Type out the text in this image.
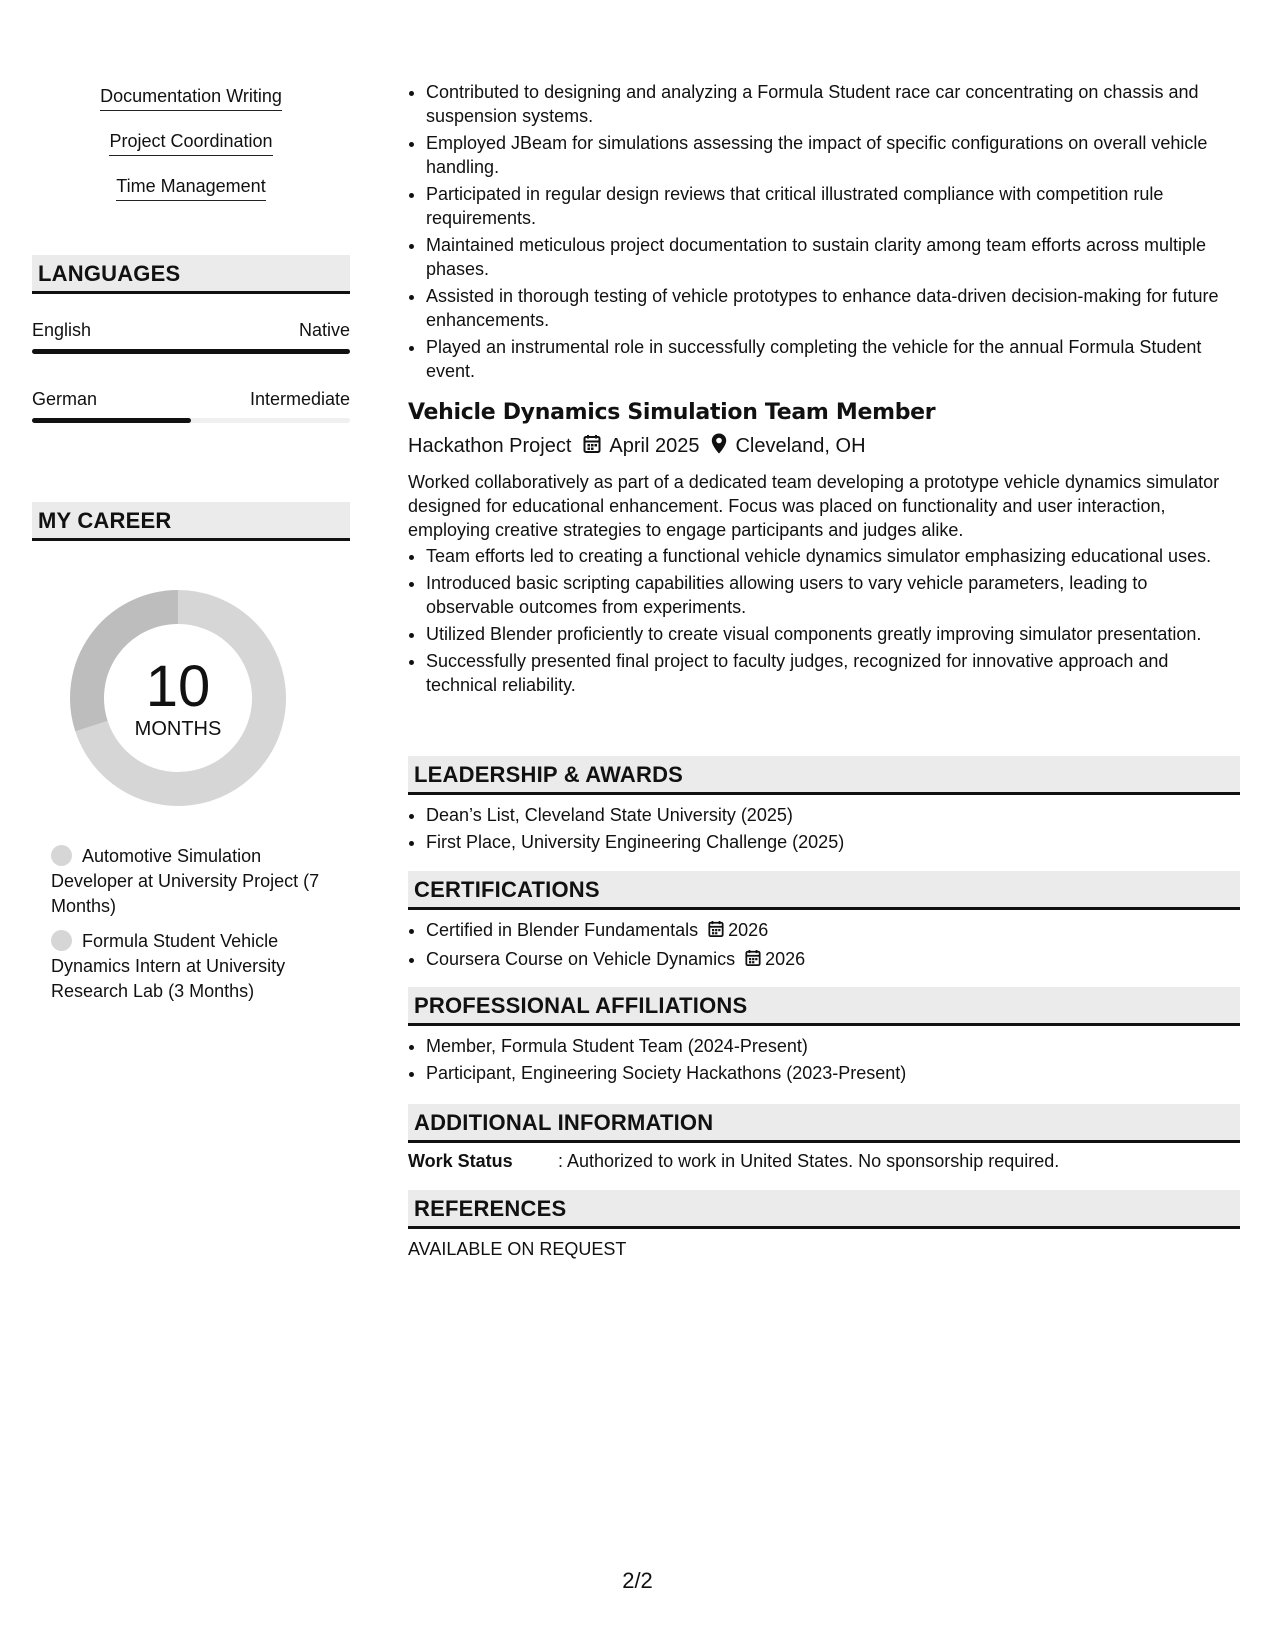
Documentation Writing
Project Coordination
Time Management
LANGUAGES
English	Native
German	Intermediate
MY CAREER
10
MONTHS
Automotive Simulation Developer at University Project (7 Months)
Formula Student Vehicle Dynamics Intern at University Research Lab (3 Months)
• Contributed to designing and analyzing a Formula Student race car concentrating on chassis and suspension systems.
• Employed JBeam for simulations assessing the impact of specific configurations on overall vehicle handling.
• Participated in regular design reviews that critical illustrated compliance with competition rule requirements.
• Maintained meticulous project documentation to sustain clarity among team efforts across multiple phases.
• Assisted in thorough testing of vehicle prototypes to enhance data-driven decision-making for future enhancements.
• Played an instrumental role in successfully completing the vehicle for the annual Formula Student event.
Vehicle Dynamics Simulation Team Member
Hackathon Project April 2025 Cleveland, OH
Worked collaboratively as part of a dedicated team developing a prototype vehicle dynamics simulator designed for educational enhancement. Focus was placed on functionality and user interaction, employing creative strategies to engage participants and judges alike.
• Team efforts led to creating a functional vehicle dynamics simulator emphasizing educational uses.
• Introduced basic scripting capabilities allowing users to vary vehicle parameters, leading to observable outcomes from experiments.
• Utilized Blender proficiently to create visual components greatly improving simulator presentation.
• Successfully presented final project to faculty judges, recognized for innovative approach and technical reliability.
LEADERSHIP & AWARDS
• Dean’s List, Cleveland State University (2025)
• First Place, University Engineering Challenge (2025)
CERTIFICATIONS
• Certified in Blender Fundamentals 2026
• Coursera Course on Vehicle Dynamics 2026
PROFESSIONAL AFFILIATIONS
• Member, Formula Student Team (2024-Present)
• Participant, Engineering Society Hackathons (2023-Present)
ADDITIONAL INFORMATION
Work Status	: Authorized to work in United States. No sponsorship required.
REFERENCES
AVAILABLE ON REQUEST
2/2
